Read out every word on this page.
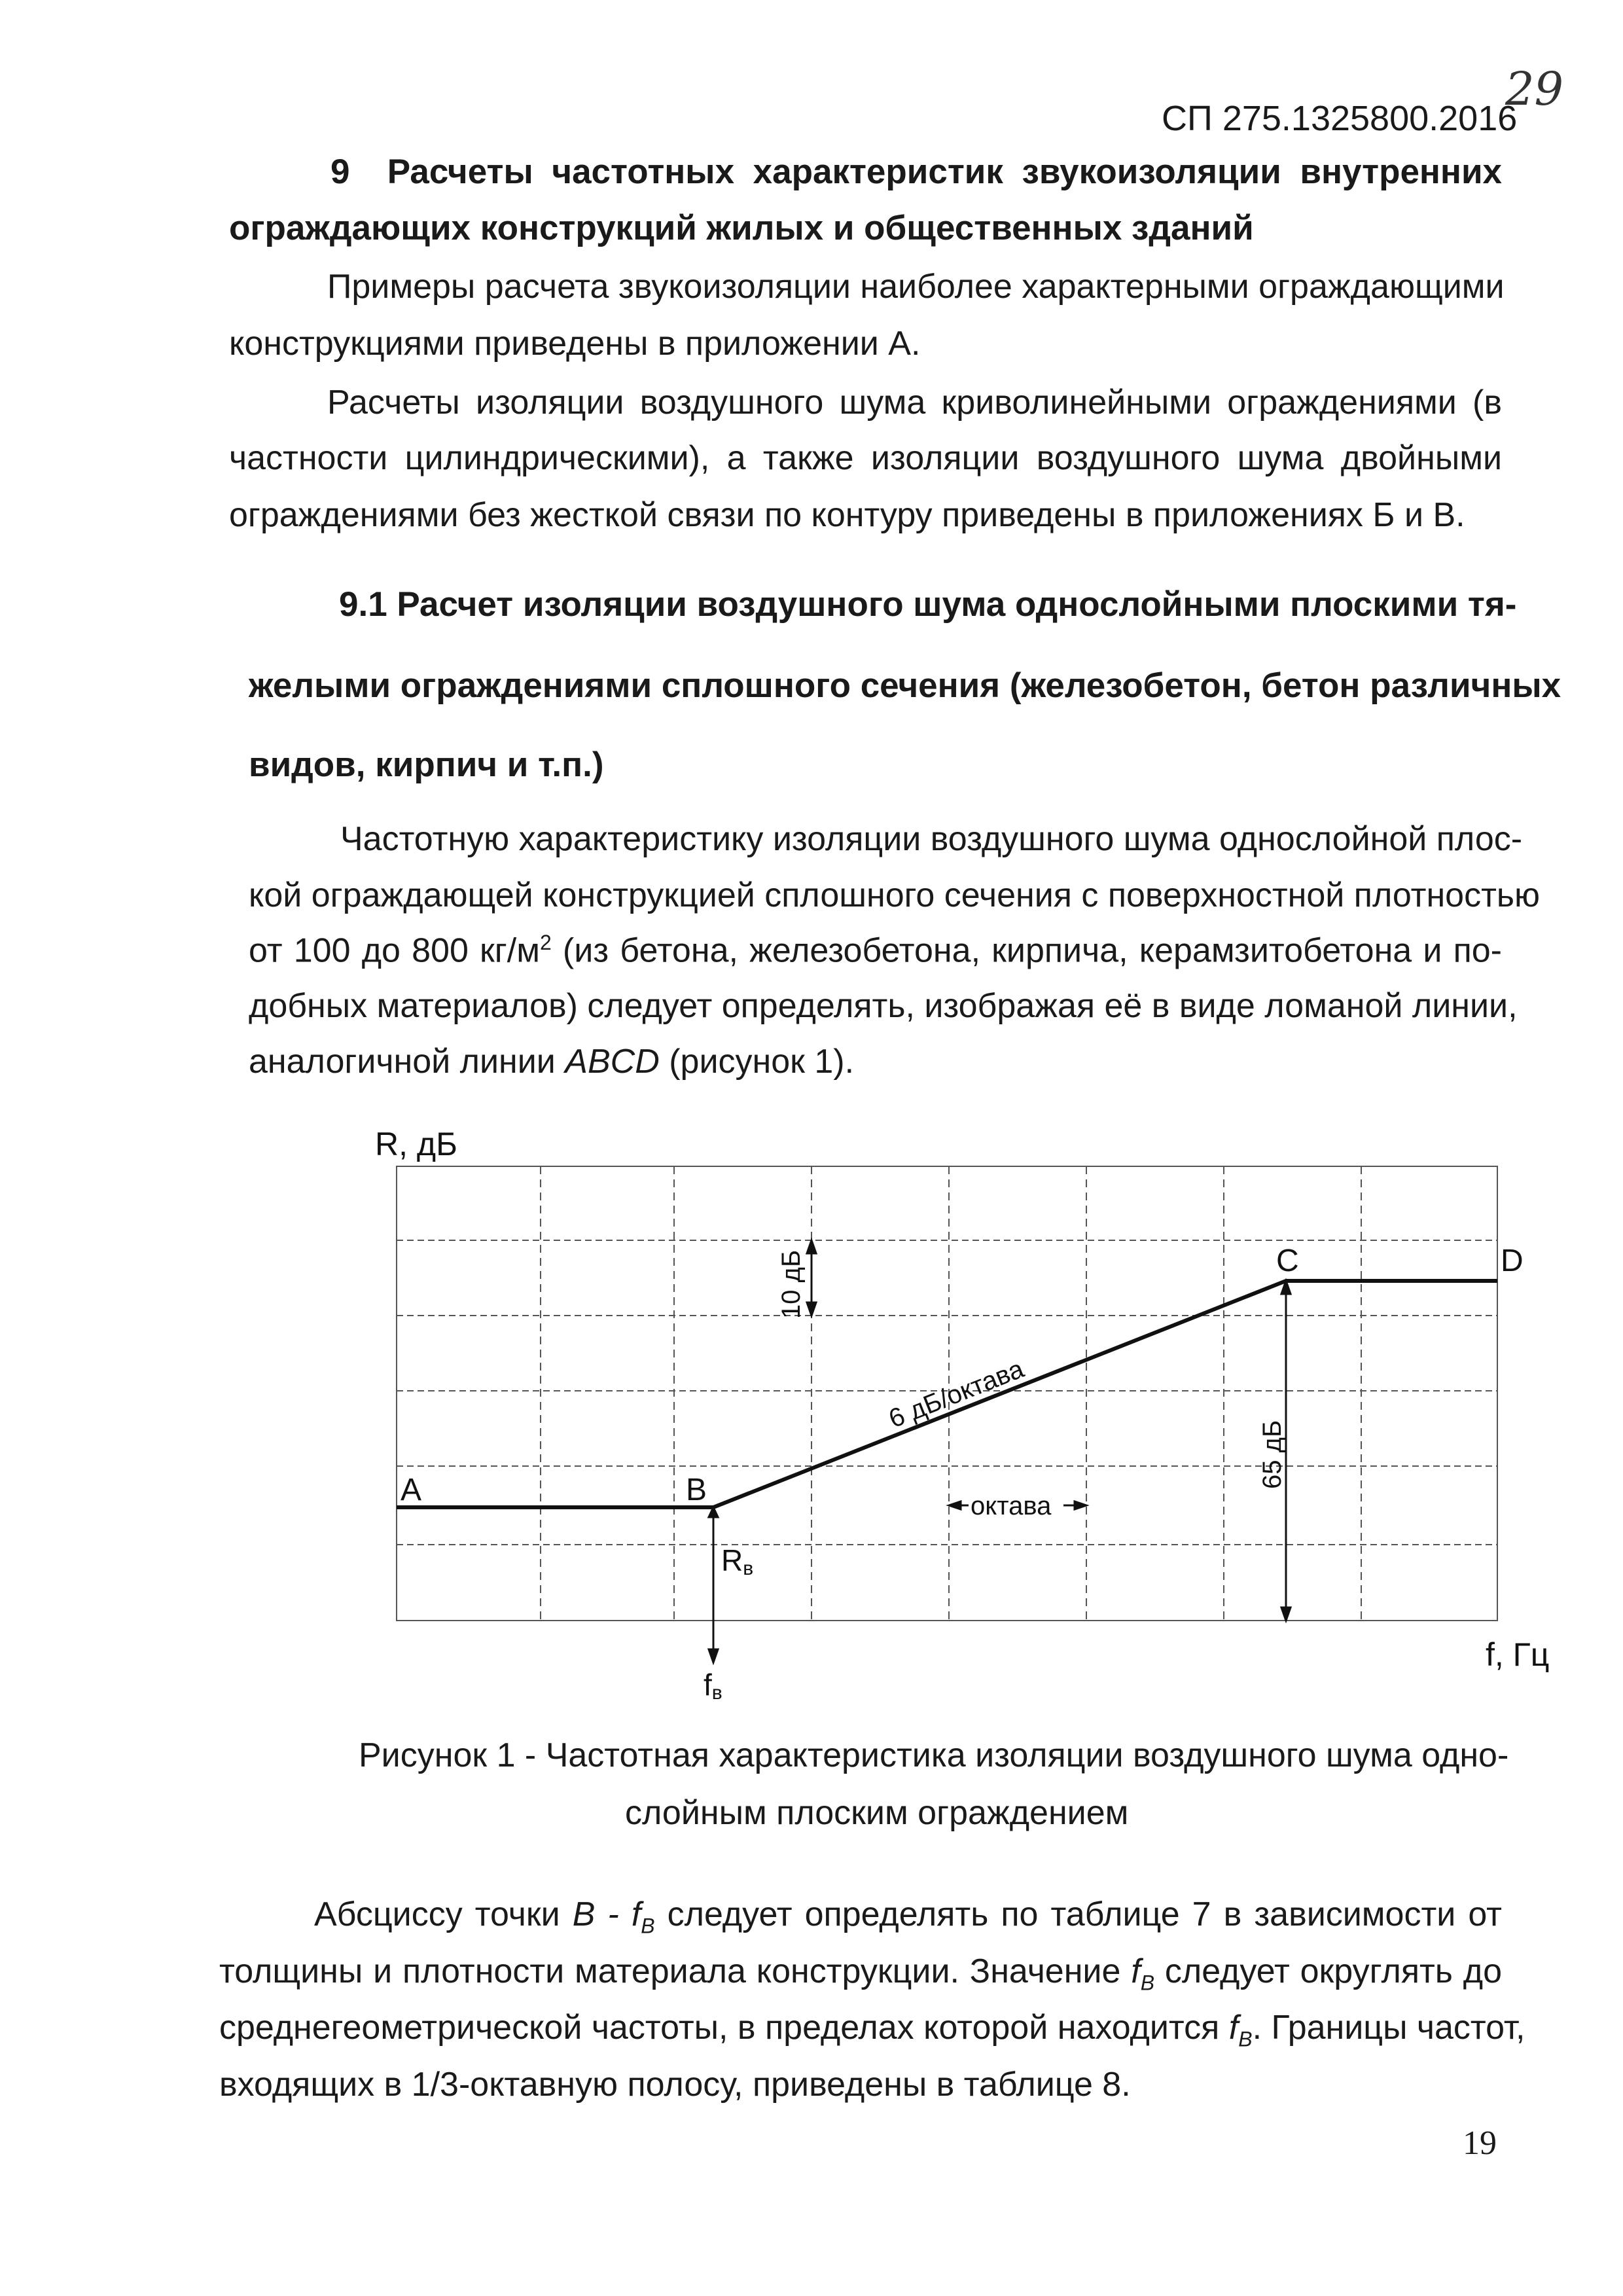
СП 275.1325800.2016
29
9 Расчеты частотных характеристик звукоизоляции внутренних
ограждающих конструкций жилых и общественных зданий
Примеры расчета звукоизоляции наиболее характерными ограждающими
конструкциями приведены в приложении А.
Расчеты изоляции воздушного шума криволинейными ограждениями (в
частности цилиндрическими), а также изоляции воздушного шума двойными
ограждениями без жесткой связи по контуру приведены в приложениях Б и В.
9.1 Расчет изоляции воздушного шума однослойными плоскими тя-
желыми ограждениями сплошного сечения (железобетон, бетон различных
видов, кирпич и т.п.)
Частотную характеристику изоляции воздушного шума однослойной плос-
кой ограждающей конструкцией сплошного сечения с поверхностной плотностью
от 100 до 800 $кг/м^2$ (из бетона, железобетона, кирпича, керамзитобетона и по-
добных материалов) следует определять, изображая её в виде ломаной линии,
аналогичной линии ABCD (рисунок 1).
R, дБ
f, Гц
A	B
C	D
6 дБ/октава
10 дБ
65 дБ
октава
Rв
fв
Рисунок 1 - Частотная характеристика изоляции воздушного шума одно-
слойным плоским ограждением
Абсциссу точки В - $f_B$ следует определять по таблице 7 в зависимости от
толщины и плотности материала конструкции. Значение $f_B$ следует округлять до
среднегеометрической частоты, в пределах которой находится $f_B$. Границы частот,
входящих в 1/3-октавную полосу, приведены в таблице 8.
19
